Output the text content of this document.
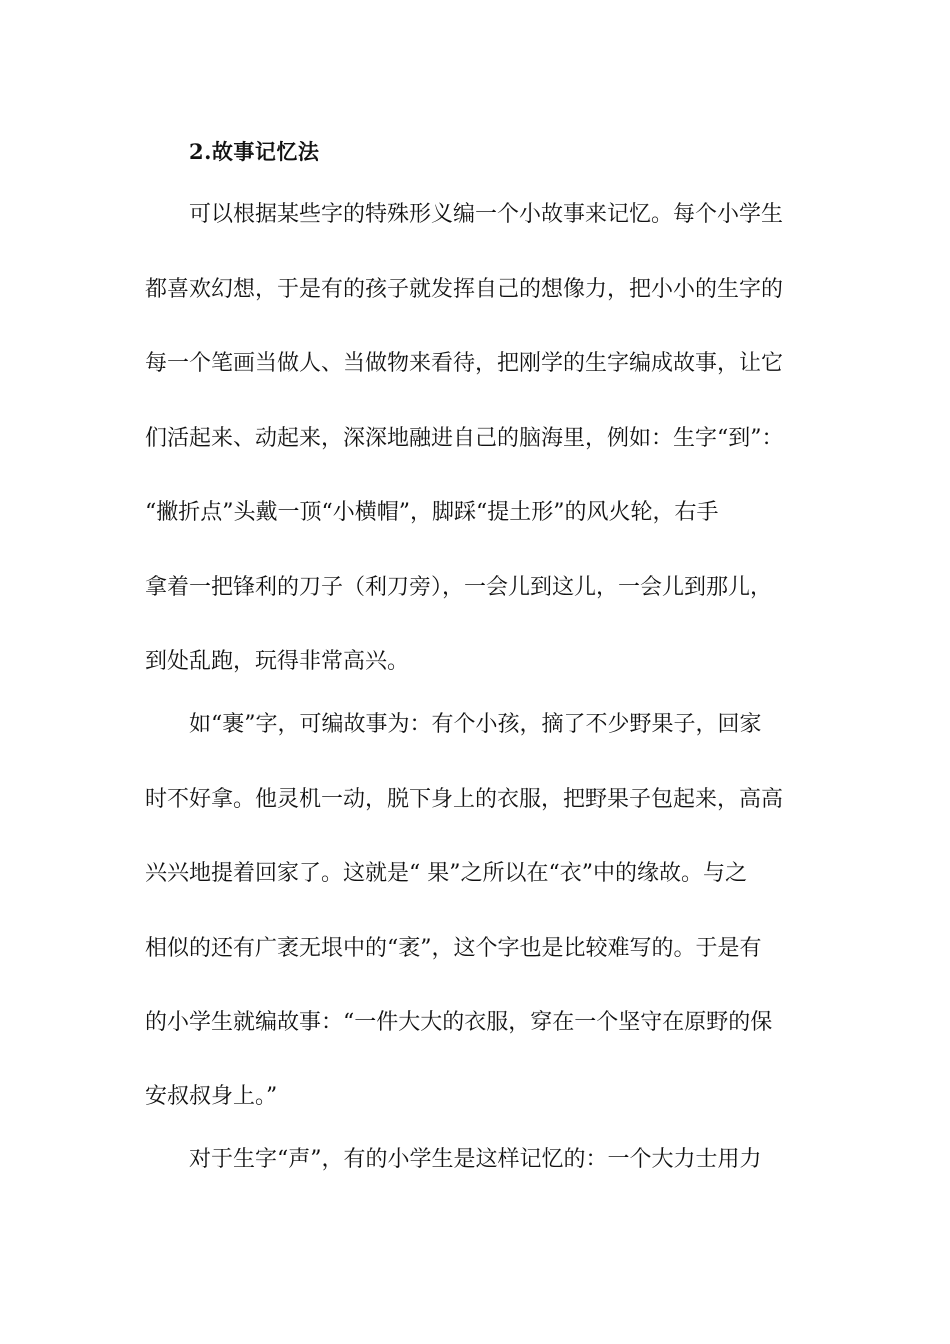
2.故事记忆法
可以根据某些字的特殊形义编一个小故事来记忆。每个小学生
都喜欢幻想，于是有的孩子就发挥自己的想像力，把小小的生字的
每一个笔画当做人、当做物来看待，把刚学的生字编成故事，让它
们活起来、动起来，深深地融进自己的脑海里，例如：生字“到”：
“撇折点”头戴一顶“小横帽”，脚踩“提土形”的风火轮，右手
拿着一把锋利的刀子（利刀旁），一会儿到这儿，一会儿到那儿，
到处乱跑，玩得非常高兴。
如“裹”字，可编故事为：有个小孩，摘了不少野果子，回家
时不好拿。他灵机一动，脱下身上的衣服，把野果子包起来，高高
兴兴地提着回家了。这就是“ 果”之所以在“衣”中的缘故。与之
相似的还有广袤无垠中的“袤”，这个字也是比较难写的。于是有
的小学生就编故事：“一件大大的衣服，穿在一个坚守在原野的保
安叔叔身上。”
对于生字“声”，有的小学生是这样记忆的：一个大力士用力
